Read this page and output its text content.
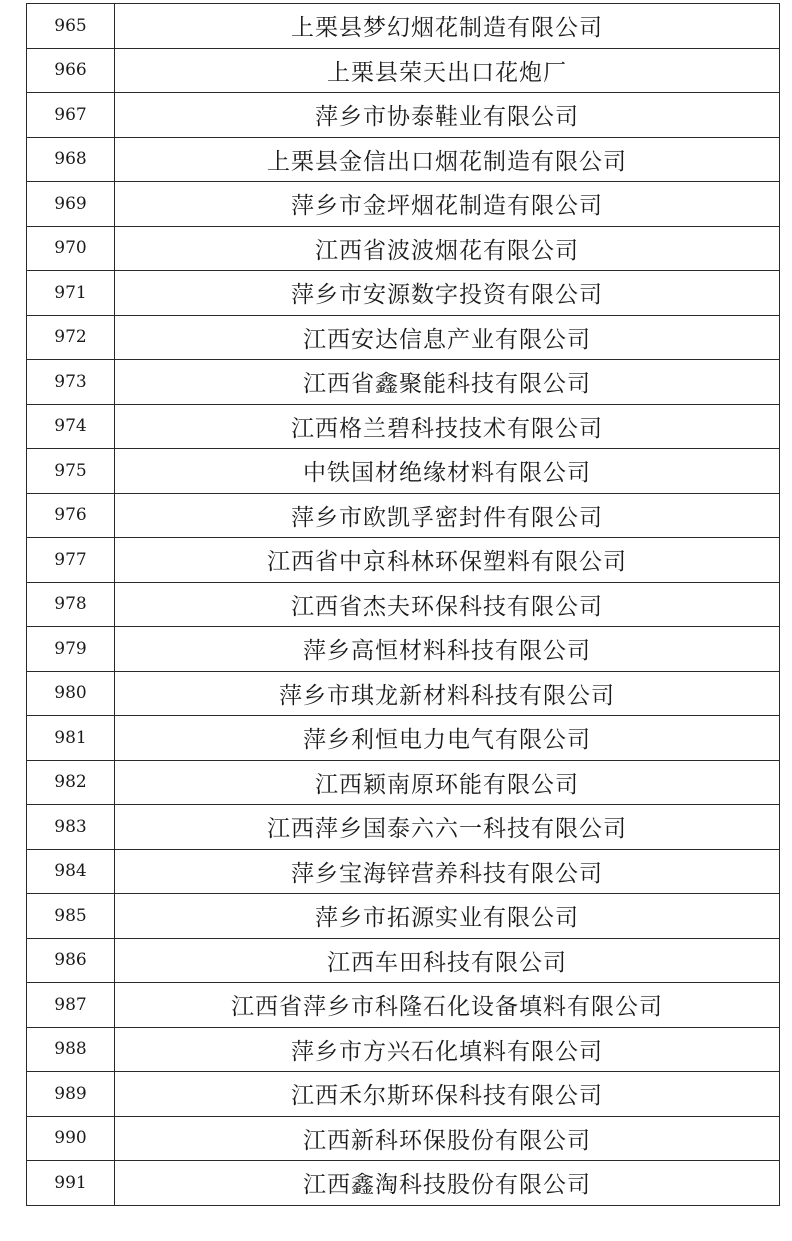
965	上栗县梦幻烟花制造有限公司
966	上栗县荣天出口花炮厂
967	萍乡市协泰鞋业有限公司
968	上栗县金信出口烟花制造有限公司
969	萍乡市金坪烟花制造有限公司
970	江西省波波烟花有限公司
971	萍乡市安源数字投资有限公司
972	江西安达信息产业有限公司
973	江西省鑫聚能科技有限公司
974	江西格兰碧科技技术有限公司
975	中铁国材绝缘材料有限公司
976	萍乡市欧凯孚密封件有限公司
977	江西省中京科林环保塑料有限公司
978	江西省杰夫环保科技有限公司
979	萍乡高恒材料科技有限公司
980	萍乡市琪龙新材料科技有限公司
981	萍乡利恒电力电气有限公司
982	江西颖南原环能有限公司
983	江西萍乡国泰六六一科技有限公司
984	萍乡宝海锌营养科技有限公司
985	萍乡市拓源实业有限公司
986	江西车田科技有限公司
987	江西省萍乡市科隆石化设备填料有限公司
988	萍乡市方兴石化填料有限公司
989	江西禾尔斯环保科技有限公司
990	江西新科环保股份有限公司
991	江西鑫淘科技股份有限公司
